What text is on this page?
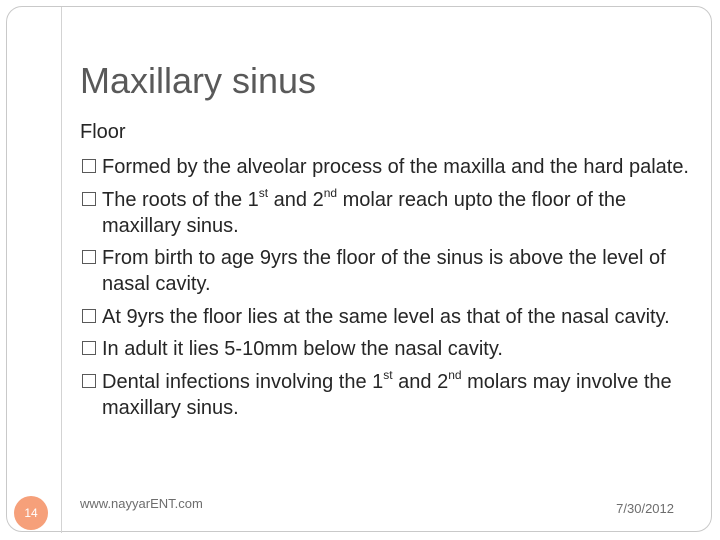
Maxillary sinus
Floor
Formed by the alveolar process of the maxilla and the hard palate.
The roots of the 1st and 2nd molar reach upto the floor of the maxillary sinus.
From birth to age 9yrs the floor of the sinus is above the level of nasal cavity.
At 9yrs the floor lies at the same level as that of the nasal cavity.
In adult it lies 5-10mm below the nasal cavity.
Dental infections involving the 1st and 2nd molars may involve the maxillary sinus.
14
www.nayyarENT.com	7/30/2012
